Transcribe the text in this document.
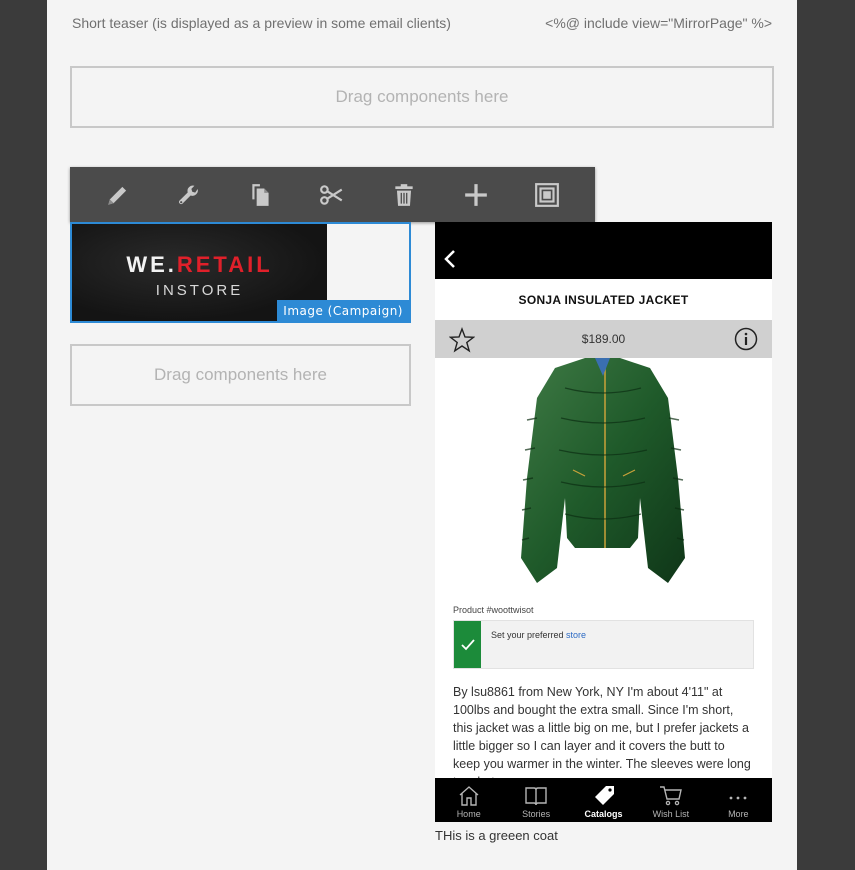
Short teaser (is displayed as a preview in some email clients)	<%@ include view="MirrorPage" %>
Drag components here
WE.RETAIL
INSTORE
Image (Campaign)
Drag components here
SONJA INSULATED JACKET
$189.00
Product #woottwisot
Set your preferred store
By lsu8861 from New York, NY I'm about 4'11" at 100lbs and bought the extra small. Since I'm short, this jacket was a little big on me, but I prefer jackets a little bigger so I can layer and it covers the butt to keep you warmer in the winter. The sleeves were long
Home	Stories	Catalogs	Wish List	More
THis is a greeen coat
